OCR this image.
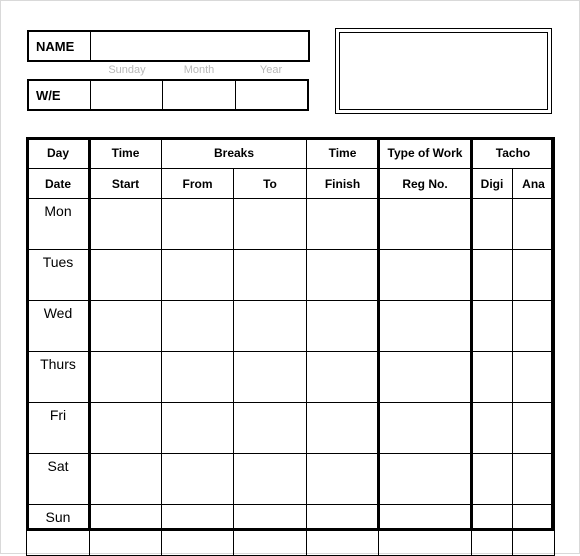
NAME
Sunday	Month	Year
W/E
Day	Time	Breaks		Time	Type of Work	Tacho	
Date	Start	From	To	Finish	Reg No.	Digi	Ana
Mon							
Tues							
Wed							
Thurs							
Fri							
Sat							
Sun							
